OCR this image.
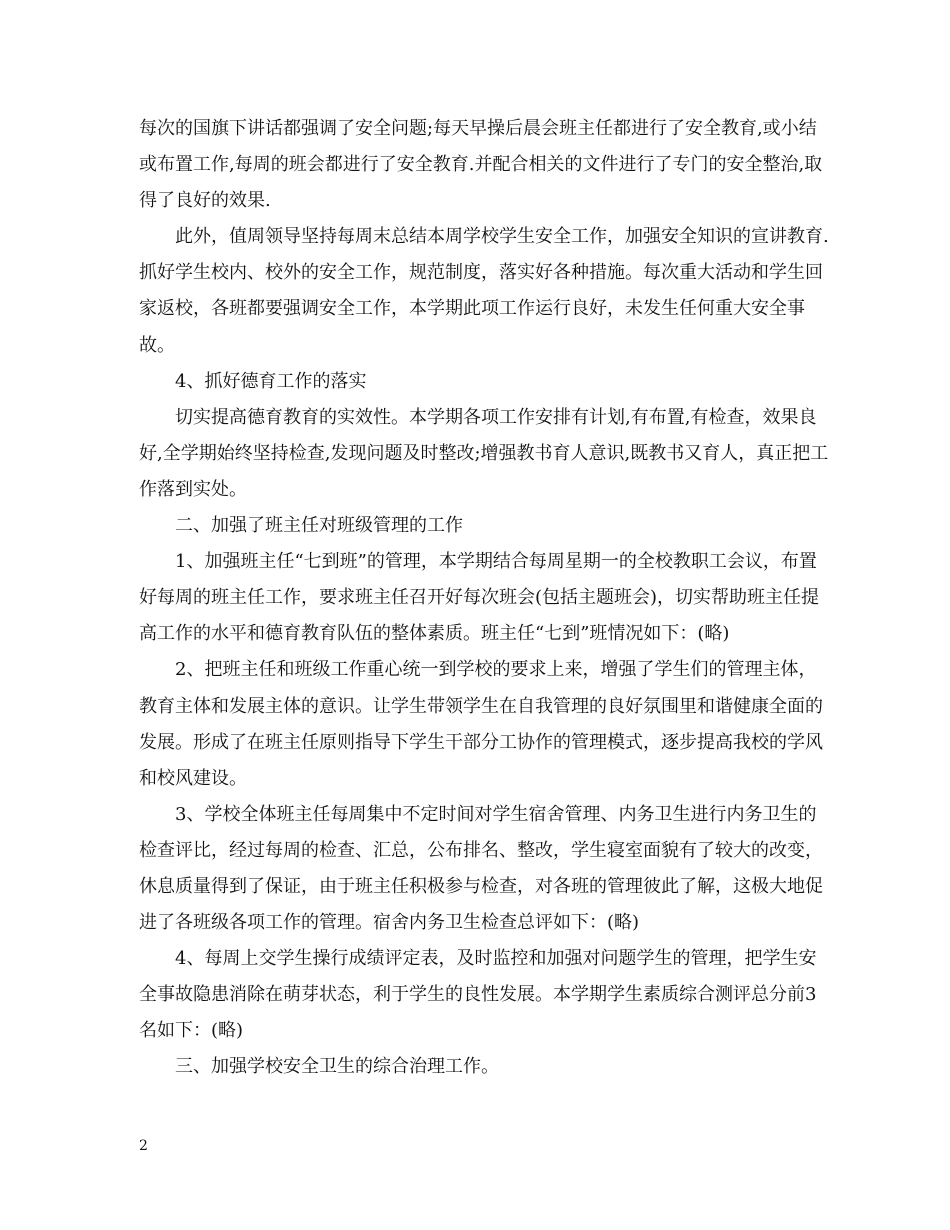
每次的国旗下讲话都强调了安全问题;每天早操后晨会班主任都进行了安全教育,或小结或布置工作,每周的班会都进行了安全教育.并配合相关的文件进行了专门的安全整治,取得了良好的效果.

此外，值周领导坚持每周末总结本周学校学生安全工作，加强安全知识的宣讲教育.抓好学生校内、校外的安全工作，规范制度，落实好各种措施。每次重大活动和学生回家返校，各班都要强调安全工作，本学期此项工作运行良好，未发生任何重大安全事故。

4、抓好德育工作的落实

切实提高德育教育的实效性。本学期各项工作安排有计划,有布置,有检查，效果良好,全学期始终坚持检查,发现问题及时整改;增强教书育人意识,既教书又育人，真正把工作落到实处。

二、加强了班主任对班级管理的工作

1、加强班主任“七到班”的管理，本学期结合每周星期一的全校教职工会议，布置好每周的班主任工作，要求班主任召开好每次班会(包括主题班会)，切实帮助班主任提高工作的水平和德育教育队伍的整体素质。班主任“七到”班情况如下：(略)

2、把班主任和班级工作重心统一到学校的要求上来，增强了学生们的管理主体，教育主体和发展主体的意识。让学生带领学生在自我管理的良好氛围里和谐健康全面的发展。形成了在班主任原则指导下学生干部分工协作的管理模式，逐步提高我校的学风和校风建设。

3、学校全体班主任每周集中不定时间对学生宿舍管理、内务卫生进行内务卫生的检查评比，经过每周的检查、汇总，公布排名、整改，学生寝室面貌有了较大的改变，休息质量得到了保证，由于班主任积极参与检查，对各班的管理彼此了解，这极大地促进了各班级各项工作的管理。宿舍内务卫生检查总评如下：(略)

4、每周上交学生操行成绩评定表，及时监控和加强对问题学生的管理，把学生安全事故隐患消除在萌芽状态，利于学生的良性发展。本学期学生素质综合测评总分前3名如下：(略)

三、加强学校安全卫生的综合治理工作。

2
